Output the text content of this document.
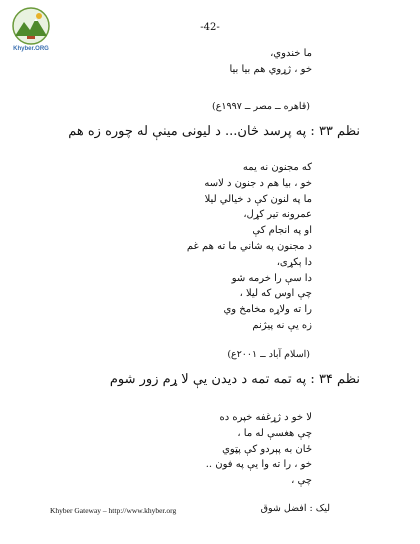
Khyber.ORG
-42-
ما خندوي،
خو ، ژړوي هم بيا بيا
(قاهره ــ مصر ــ ۱۹۹۷ع)
نظم ۳۳ : په پرسد څان... د لیونی مینې له چوره زه هم
که مجنون نه يمه
خو ، بيا هم د جنون د لاسه
ما په لنون کې د خیالي لیلا
عمرونه تير کړل،
او په انجام کې
د مجنون په شاني ما ته هم غم
دا ېکړی،
دا سې را خرمه شو
چې اوس که لیلا ،
را ته ولاړه مخامخ وي
زه یې نه پیژنم
(اسلام آباد ــ ۲۰۰۱ع)
نظم ۳۴ : په تمه تمه د دیدن یې لا ړم زور شوم
لا خو د ژړغفه خپره ده
چې هغسې له ما ،
ځان به پېردو کې پټوي
خو ، را ته وا يې په فون ..
چې ،
Khyber Gateway – http://www.khyber.org	لیک : افضل شوق
